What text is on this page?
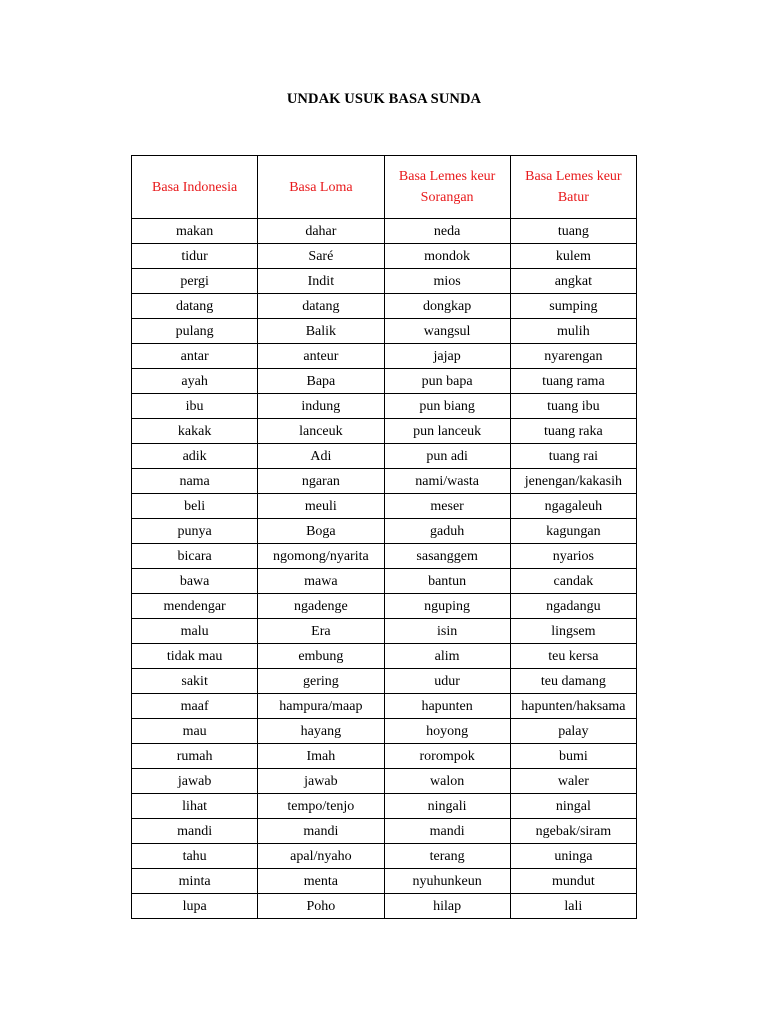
UNDAK USUK BASA SUNDA
Basa Indonesia	Basa Loma	Basa Lemes keur Sorangan	Basa Lemes keur Batur
makan	dahar	neda	tuang
tidur	Saré	mondok	kulem
pergi	Indit	mios	angkat
datang	datang	dongkap	sumping
pulang	Balik	wangsul	mulih
antar	anteur	jajap	nyarengan
ayah	Bapa	pun bapa	tuang rama
ibu	indung	pun biang	tuang ibu
kakak	lanceuk	pun lanceuk	tuang raka
adik	Adi	pun adi	tuang rai
nama	ngaran	nami/wasta	jenengan/kakasih
beli	meuli	meser	ngagaleuh
punya	Boga	gaduh	kagungan
bicara	ngomong/nyarita	sasanggem	nyarios
bawa	mawa	bantun	candak
mendengar	ngadenge	nguping	ngadangu
malu	Era	isin	lingsem
tidak mau	embung	alim	teu kersa
sakit	gering	udur	teu damang
maaf	hampura/maap	hapunten	hapunten/haksama
mau	hayang	hoyong	palay
rumah	Imah	rorompok	bumi
jawab	jawab	walon	waler
lihat	tempo/tenjo	ningali	ningal
mandi	mandi	mandi	ngebak/siram
tahu	apal/nyaho	terang	uninga
minta	menta	nyuhunkeun	mundut
lupa	Poho	hilap	lali
